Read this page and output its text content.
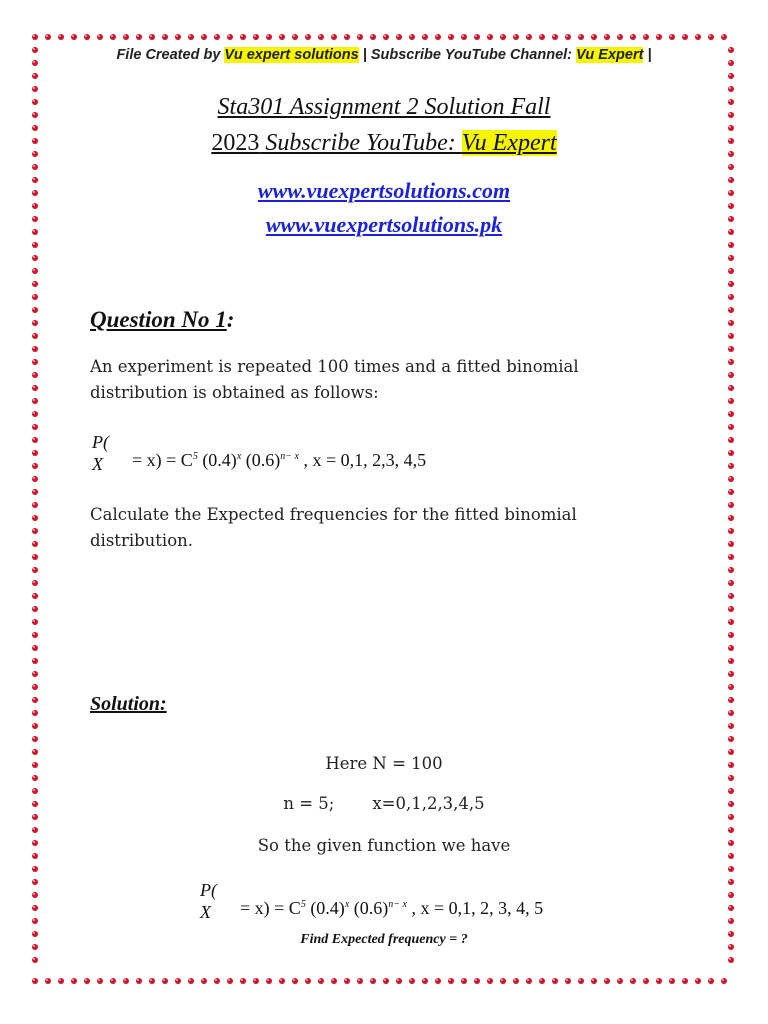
File Created by Vu expert solutions | Subscribe YouTube Channel: Vu Expert |
Sta301 Assignment 2 Solution Fall
2023 Subscribe YouTube: Vu Expert
www.vuexpertsolutions.com
www.vuexpertsolutions.pk
Question No 1:
An experiment is repeated 100 times and a fitted binomial distribution is obtained as follows:
P(
$X = x) = C^5$ $(0.4)^x$ $(0.6)^{n- x}$ , x = 0,1, 2,3, 4,5
Calculate the Expected frequencies for the fitted binomial distribution.
Solution:
Here N = 100
n = 5; x=0,1,2,3,4,5
So the given function we have
P(
$X = x) = C^5$ $(0.4)^x$ $(0.6)^{n- x}$ , x = 0,1, 2, 3, 4, 5
Find Expected frequency = ?
